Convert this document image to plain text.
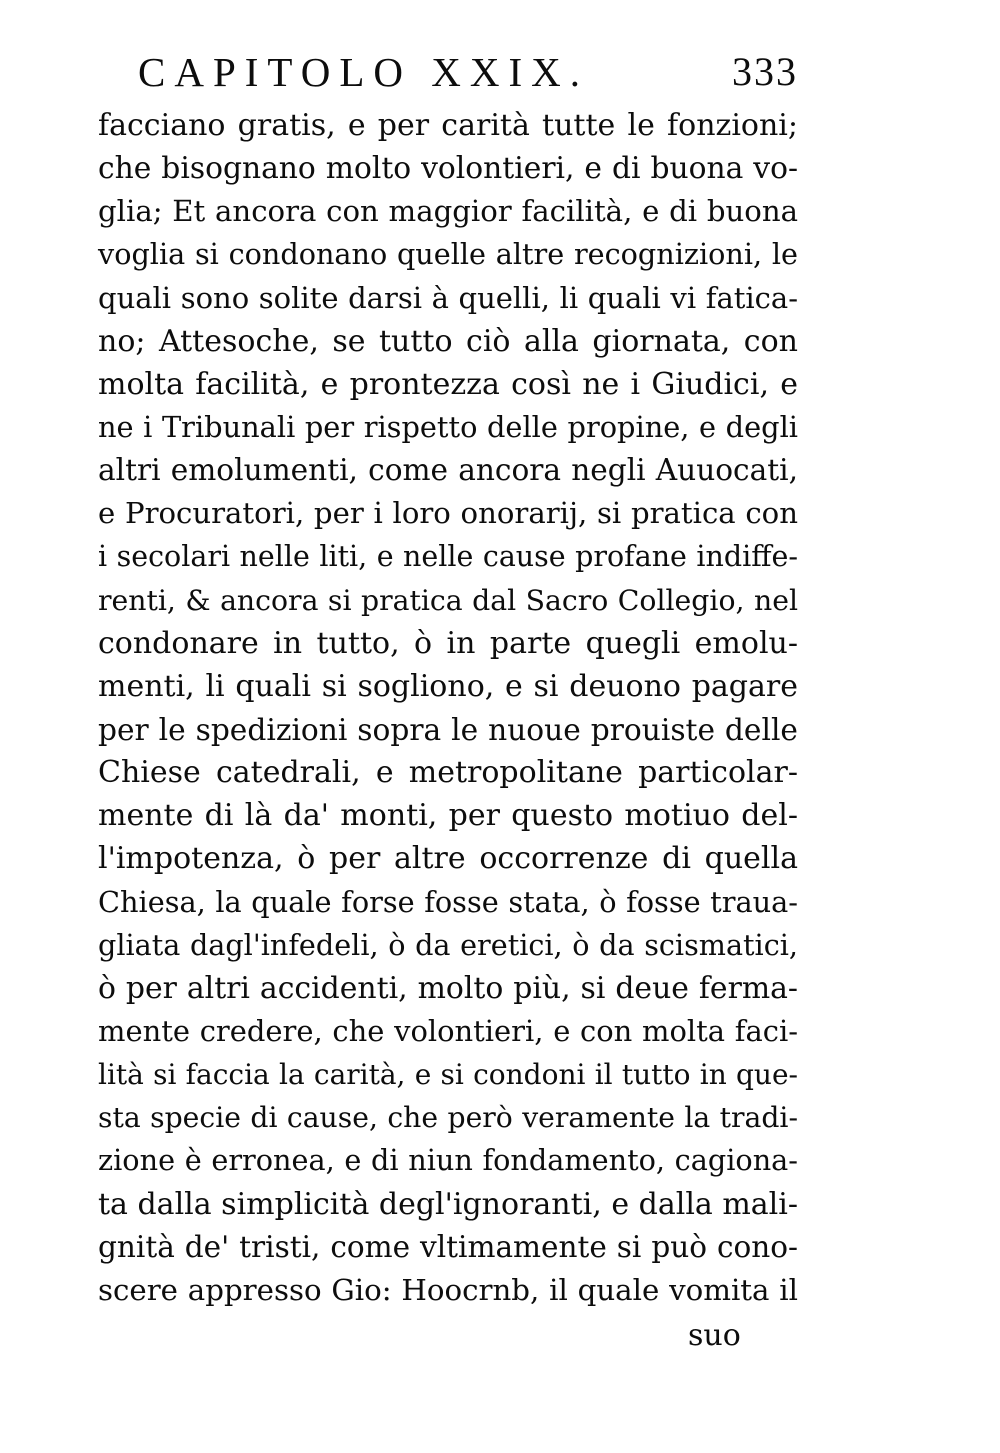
CAPITOLO XXIX.	333
facciano gratis, e per carità tutte le fonzioni;
che bisognano molto volontieri, e di buona vo-
glia; Et ancora con maggior facilità, e di buona
voglia si condonano quelle altre recognizioni, le
quali sono solite darsi à quelli, li quali vi fatica-
no; Attesoche, se tutto ciò alla giornata, con
molta facilità, e prontezza così ne i Giudici, e
ne i Tribunali per rispetto delle propine, e degli
altri emolumenti, come ancora negli Auuocati,
e Procuratori, per i loro onorarij, si pratica con
i secolari nelle liti, e nelle cause profane indiffe-
renti, & ancora si pratica dal Sacro Collegio, nel
condonare in tutto, ò in parte quegli emolu-
menti, li quali si sogliono, e si deuono pagare
per le spedizioni sopra le nuoue prouiste delle
Chiese catedrali, e metropolitane particolar-
mente di là da' monti, per questo motiuo del-
l'impotenza, ò per altre occorrenze di quella
Chiesa, la quale forse fosse stata, ò fosse traua-
gliata dagl'infedeli, ò da eretici, ò da scismatici,
ò per altri accidenti, molto più, si deue ferma-
mente credere, che volontieri, e con molta faci-
lità si faccia la carità, e si condoni il tutto in que-
sta specie di cause, che però veramente la tradi-
zione è erronea, e di niun fondamento, cagiona-
ta dalla simplicità degl'ignoranti, e dalla mali-
gnità de' tristi, come vltimamente si può cono-
scere appresso Gio: Hoocrnb, il quale vomita il
suo
